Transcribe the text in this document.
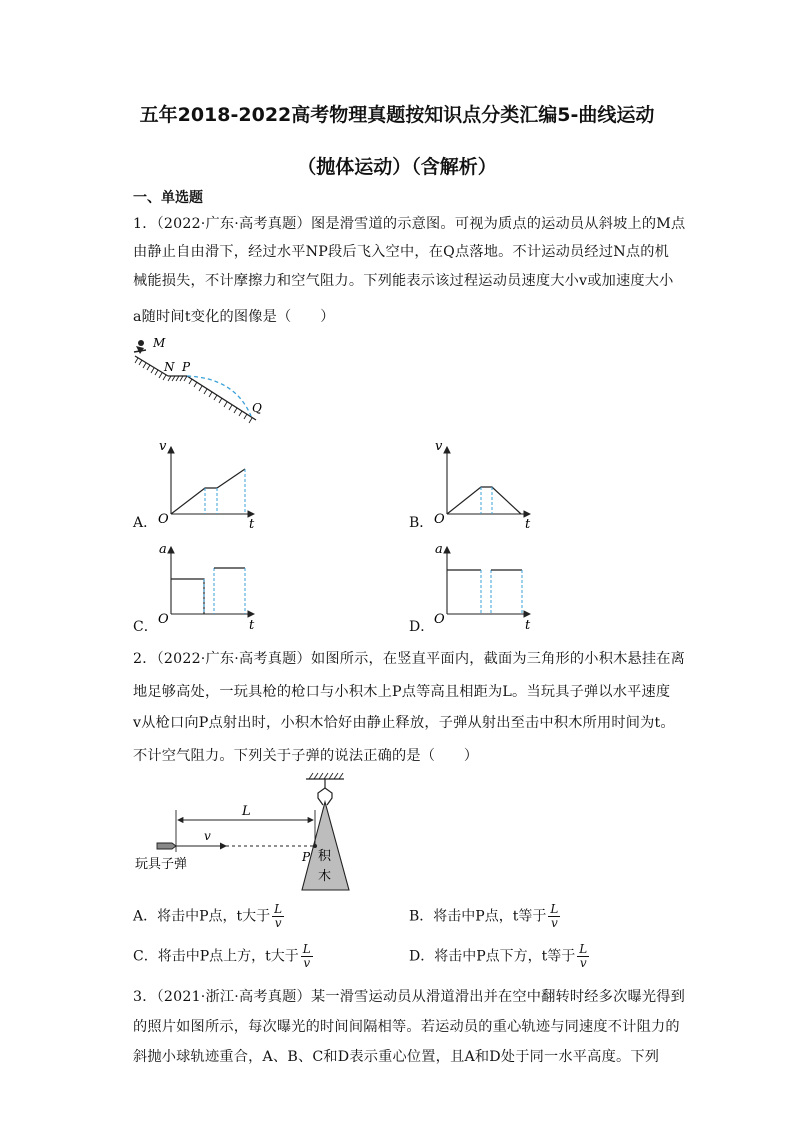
五年2018-2022高考物理真题按知识点分类汇编5-曲线运动
（抛体运动）（含解析）
一、单选题
1．（2022·广东·高考真题）图是滑雪道的示意图。可视为质点的运动员从斜坡上的M点
由静止自由滑下，经过水平NP段后飞入空中，在Q点落地。不计运动员经过N点的机
械能损失，不计摩擦力和空气阻力。下列能表示该过程运动员速度大小v或加速度大小
a随时间t变化的图像是（　　）
M
N P
Q
v
t
O
v
t
O
a
t
O
a
t
O
A．	B．
C．	D．
2．（2022·广东·高考真题）如图所示，在竖直平面内，截面为三角形的小积木悬挂在离
地足够高处，一玩具枪的枪口与小积木上P点等高且相距为L。当玩具子弹以水平速度
v从枪口向P点射出时，小积木恰好由静止释放，子弹从射出至击中积木所用时间为t。
不计空气阻力。下列关于子弹的说法正确的是（　　）
积
木
P
L
v
玩具子弹
A．将击中P点，t大于 $\frac{L}{v}$	B．将击中P点，t等于 $\frac{L}{v}$
C．将击中P点上方，t大于 $\frac{L}{v}$	D．将击中P点下方，t等于 $\frac{L}{v}$
3．（2021·浙江·高考真题）某一滑雪运动员从滑道滑出并在空中翻转时经多次曝光得到
的照片如图所示，每次曝光的时间间隔相等。若运动员的重心轨迹与同速度不计阻力的
斜抛小球轨迹重合，A、B、C和D表示重心位置，且A和D处于同一水平高度。下列
